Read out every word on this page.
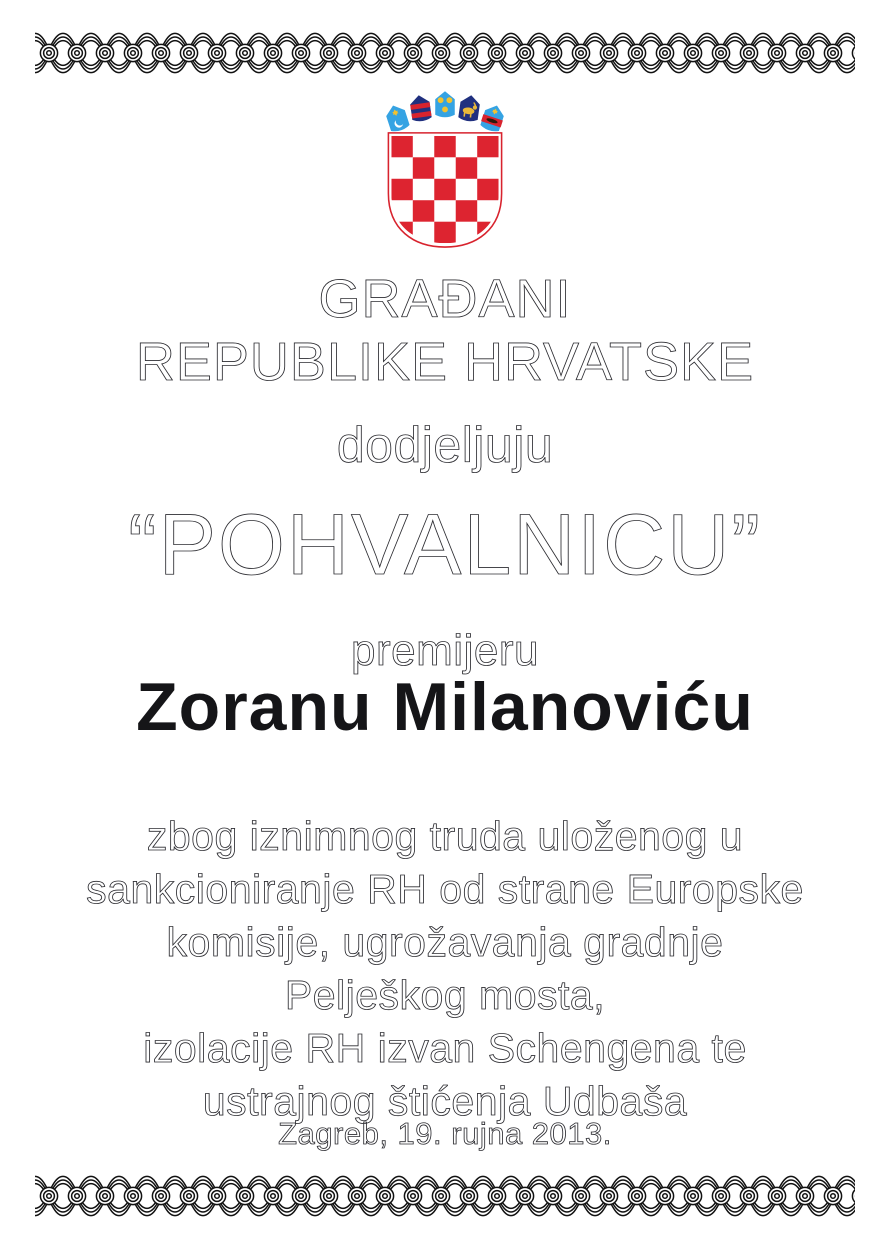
GRAĐANI
REPUBLIKE HRVATSKE
dodjeljuju
“POHVALNICU”
premijeru
Zoranu Milanoviću
zbog iznimnog truda uloženog u
sankcioniranje RH od strane Europske
komisije, ugrožavanja gradnje
Pelješkog mosta,
izolacije RH izvan Schengena te
ustrajnog štićenja Udbaša
Zagreb, 19. rujna 2013.
